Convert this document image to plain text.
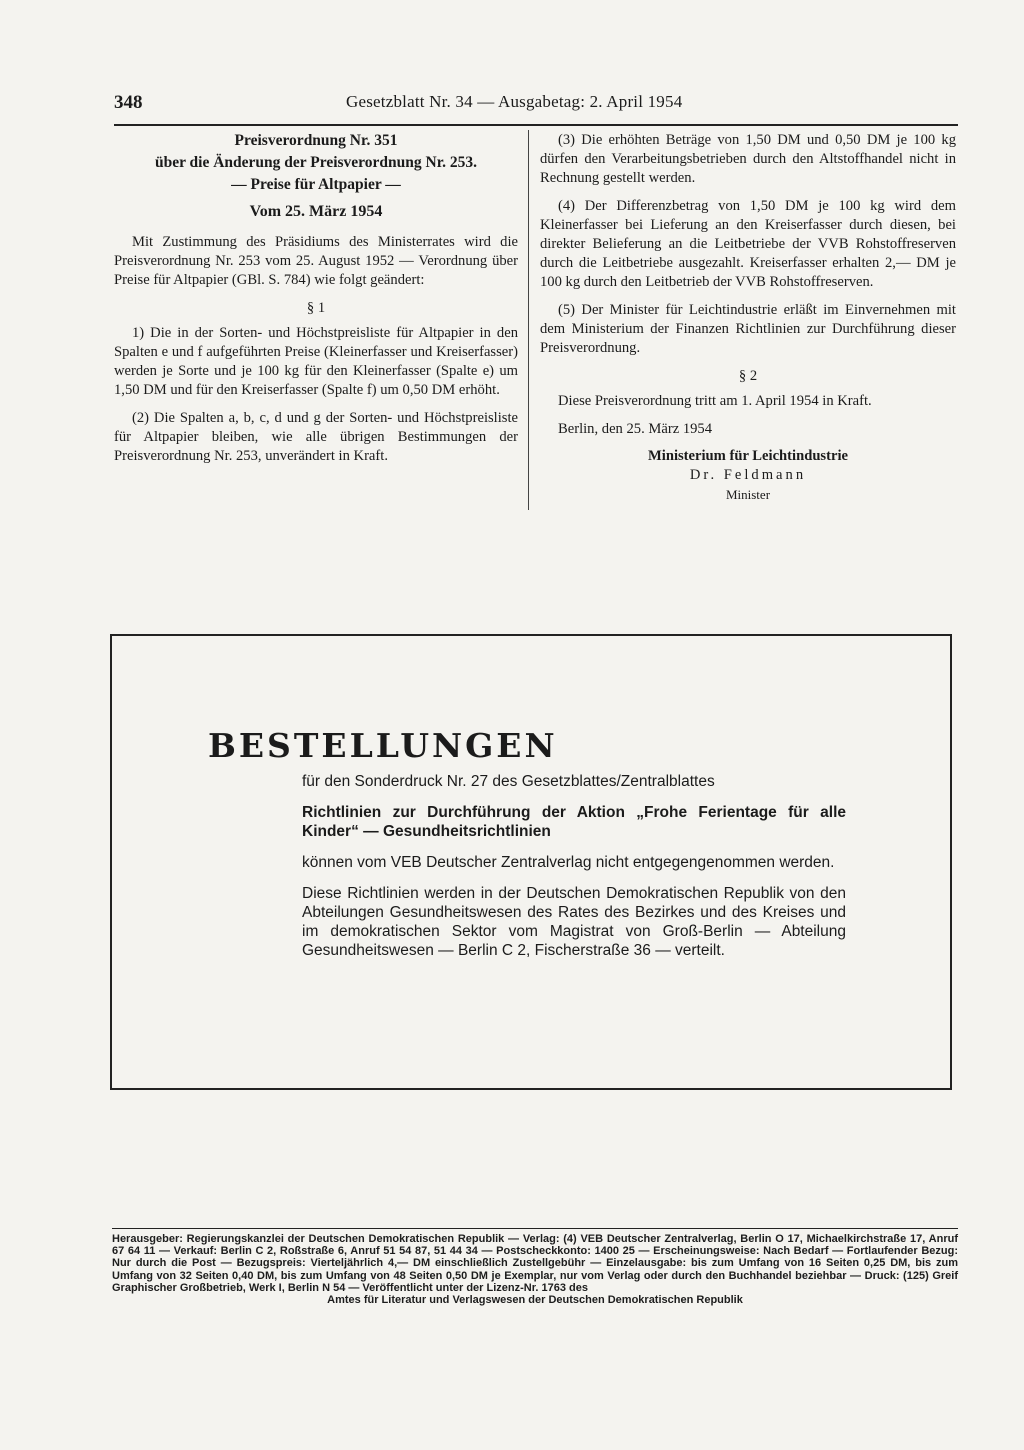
348	Gesetzblatt Nr. 34 — Ausgabetag: 2. April 1954
Preisverordnung Nr. 351
über die Änderung der Preisverordnung Nr. 253.
— Preise für Altpapier —
Vom 25. März 1954

Mit Zustimmung des Präsidiums des Ministerrates wird die Preisverordnung Nr. 253 vom 25. August 1952 — Verordnung über Preise für Altpapier (GBl. S. 784) wie folgt geändert:

§ 1

1) Die in der Sorten- und Höchstpreisliste für Altpapier in den Spalten e und f aufgeführten Preise (Kleinerfasser und Kreiserfasser) werden je Sorte und je 100 kg für den Kleinerfasser (Spalte e) um 1,50 DM und für den Kreiserfasser (Spalte f) um 0,50 DM erhöht.

(2) Die Spalten a, b, c, d und g der Sorten- und Höchstpreisliste für Altpapier bleiben, wie alle übrigen Bestimmungen der Preisverordnung Nr. 253, unverändert in Kraft.

(3) Die erhöhten Beträge von 1,50 DM und 0,50 DM je 100 kg dürfen den Verarbeitungsbetrieben durch den Altstoffhandel nicht in Rechnung gestellt werden.

(4) Der Differenzbetrag von 1,50 DM je 100 kg wird dem Kleinerfasser bei Lieferung an den Kreiserfasser durch diesen, bei direkter Belieferung an die Leitbetriebe der VVB Rohstoffreserven durch die Leitbetriebe ausgezahlt. Kreiserfasser erhalten 2,— DM je 100 kg durch den Leitbetrieb der VVB Rohstoffreserven.

(5) Der Minister für Leichtindustrie erläßt im Einvernehmen mit dem Ministerium der Finanzen Richtlinien zur Durchführung dieser Preisverordnung.

§ 2

Diese Preisverordnung tritt am 1. April 1954 in Kraft.

Berlin, den 25. März 1954
Ministerium für Leichtindustrie
Dr. Feldmann
Minister
BESTELLUNGEN

für den Sonderdruck Nr. 27 des Gesetzblattes/Zentralblattes

Richtlinien zur Durchführung der Aktion „Frohe Ferientage für alle Kinder“ — Gesundheitsrichtlinien

können vom VEB Deutscher Zentralverlag nicht entgegengenommen werden.

Diese Richtlinien werden in der Deutschen Demokratischen Republik von den Abteilungen Gesundheitswesen des Rates des Bezirkes und des Kreises und im demokratischen Sektor vom Magistrat von Groß-Berlin — Abteilung Gesundheitswesen — Berlin C 2, Fischerstraße 36 — verteilt.

Herausgeber: Regierungskanzlei der Deutschen Demokratischen Republik — Verlag: (4) VEB Deutscher Zentralverlag, Berlin O 17, Michaelkirchstraße 17, Anruf 67 64 11 — Verkauf: Berlin C 2, Roßstraße 6, Anruf 51 54 87, 51 44 34 — Postscheckkonto: 1400 25 — Erscheinungsweise: Nach Bedarf — Fortlaufender Bezug: Nur durch die Post — Bezugspreis: Vierteljährlich 4,— DM einschließlich Zustellgebühr — Einzelausgabe: bis zum Umfang von 16 Seiten 0,25 DM, bis zum Umfang von 32 Seiten 0,40 DM, bis zum Umfang von 48 Seiten 0,50 DM je Exemplar, nur vom Verlag oder durch den Buchhandel beziehbar — Druck: (125) Greif Graphischer Großbetrieb, Werk I, Berlin N 54 — Veröffentlicht unter der Lizenz-Nr. 1763 des
Amtes für Literatur und Verlagswesen der Deutschen Demokratischen Republik
